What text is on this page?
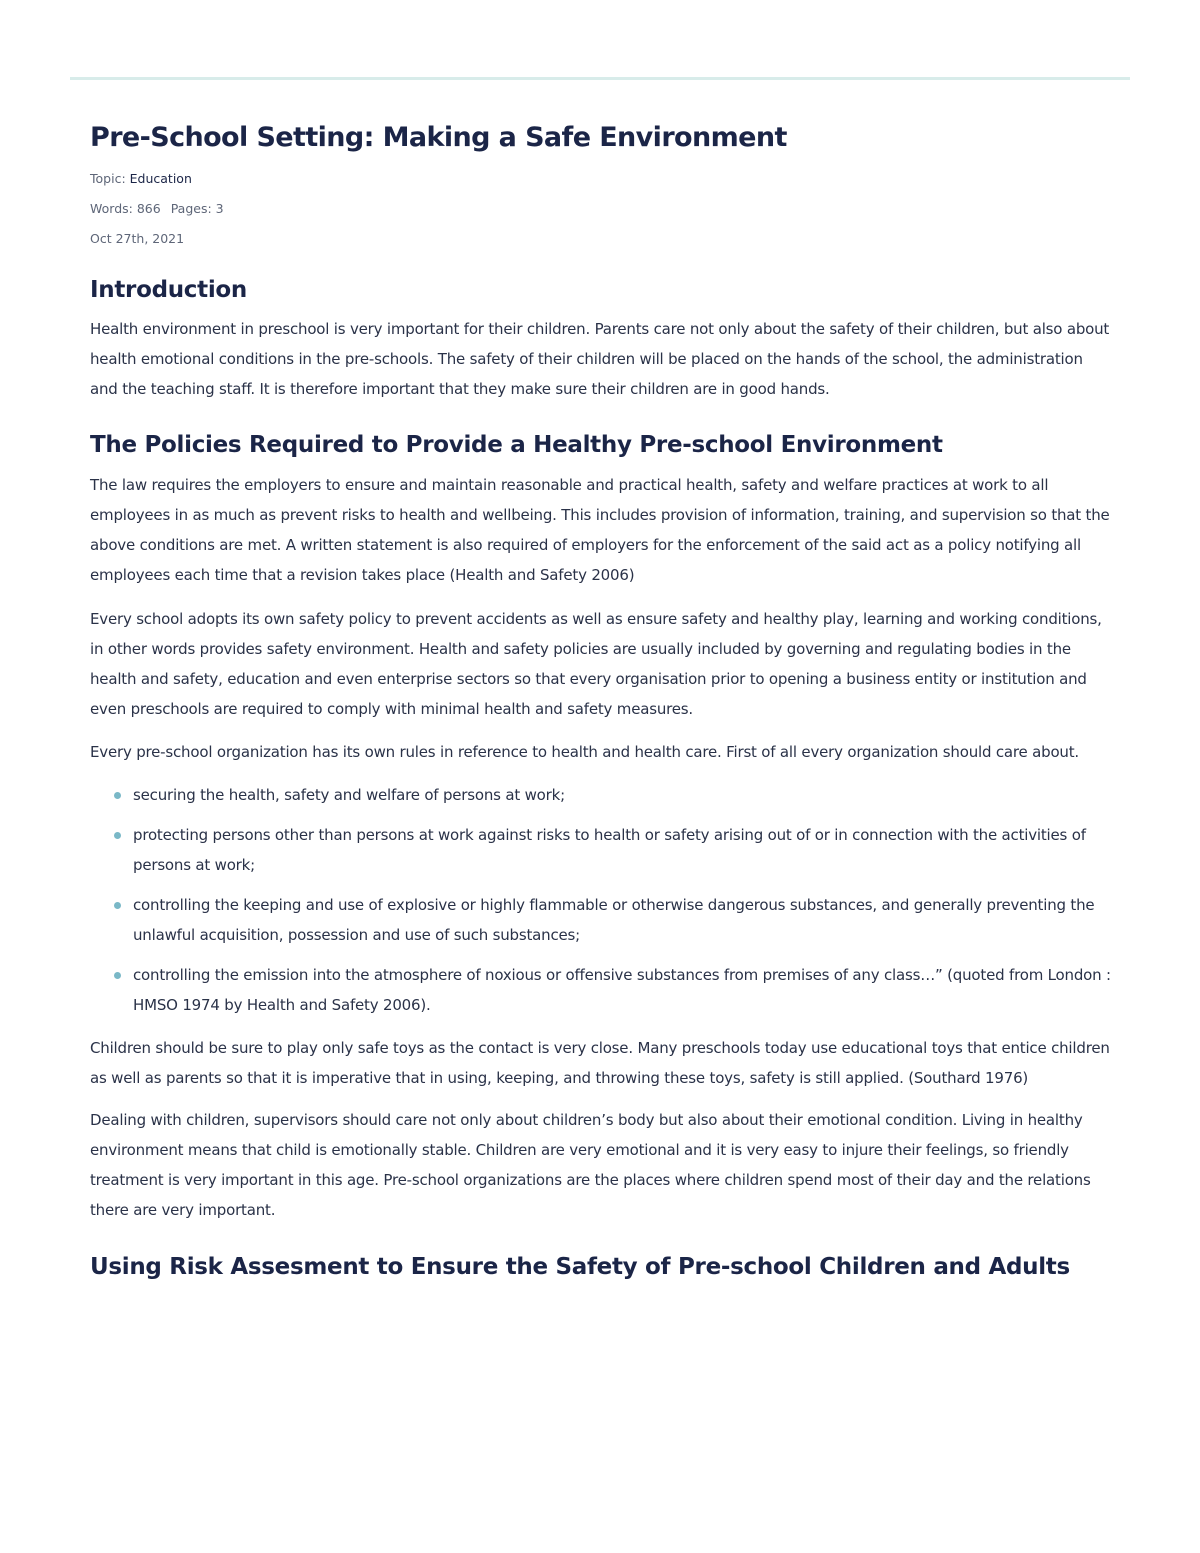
Pre-School Setting: Making a Safe Environment
Topic: Education
Words: 866 Pages: 3
Oct 27th, 2021
Introduction

Health environment in preschool is very important for their children. Parents care not only about the safety of their children, but also about health emotional conditions in the pre-schools. The safety of their children will be placed on the hands of the school, the administration and the teaching staff. It is therefore important that they make sure their children are in good hands.

The Policies Required to Provide a Healthy Pre-school Environment

The law requires the employers to ensure and maintain reasonable and practical health, safety and welfare practices at work to all employees in as much as prevent risks to health and wellbeing. This includes provision of information, training, and supervision so that the above conditions are met. A written statement is also required of employers for the enforcement of the said act as a policy notifying all employees each time that a revision takes place (Health and Safety 2006)

Every school adopts its own safety policy to prevent accidents as well as ensure safety and healthy play, learning and working conditions, in other words provides safety environment. Health and safety policies are usually included by governing and regulating bodies in the health and safety, education and even enterprise sectors so that every organisation prior to opening a business entity or institution and even preschools are required to comply with minimal health and safety measures.

Every pre-school organization has its own rules in reference to health and health care. First of all every organization should care about.

securing the health, safety and welfare of persons at work;
protecting persons other than persons at work against risks to health or safety arising out of or in connection with the activities of persons at work;
controlling the keeping and use of explosive or highly flammable or otherwise dangerous substances, and generally preventing the unlawful acquisition, possession and use of such substances;
controlling the emission into the atmosphere of noxious or offensive substances from premises of any class…” (quoted from London : HMSO 1974 by Health and Safety 2006).

Children should be sure to play only safe toys as the contact is very close. Many preschools today use educational toys that entice children as well as parents so that it is imperative that in using, keeping, and throwing these toys, safety is still applied. (Southard 1976)

Dealing with children, supervisors should care not only about children’s body but also about their emotional condition. Living in healthy environment means that child is emotionally stable. Children are very emotional and it is very easy to injure their feelings, so friendly treatment is very important in this age. Pre-school organizations are the places where children spend most of their day and the relations there are very important.

Using Risk Assesment to Ensure the Safety of Pre-school Children and Adults
